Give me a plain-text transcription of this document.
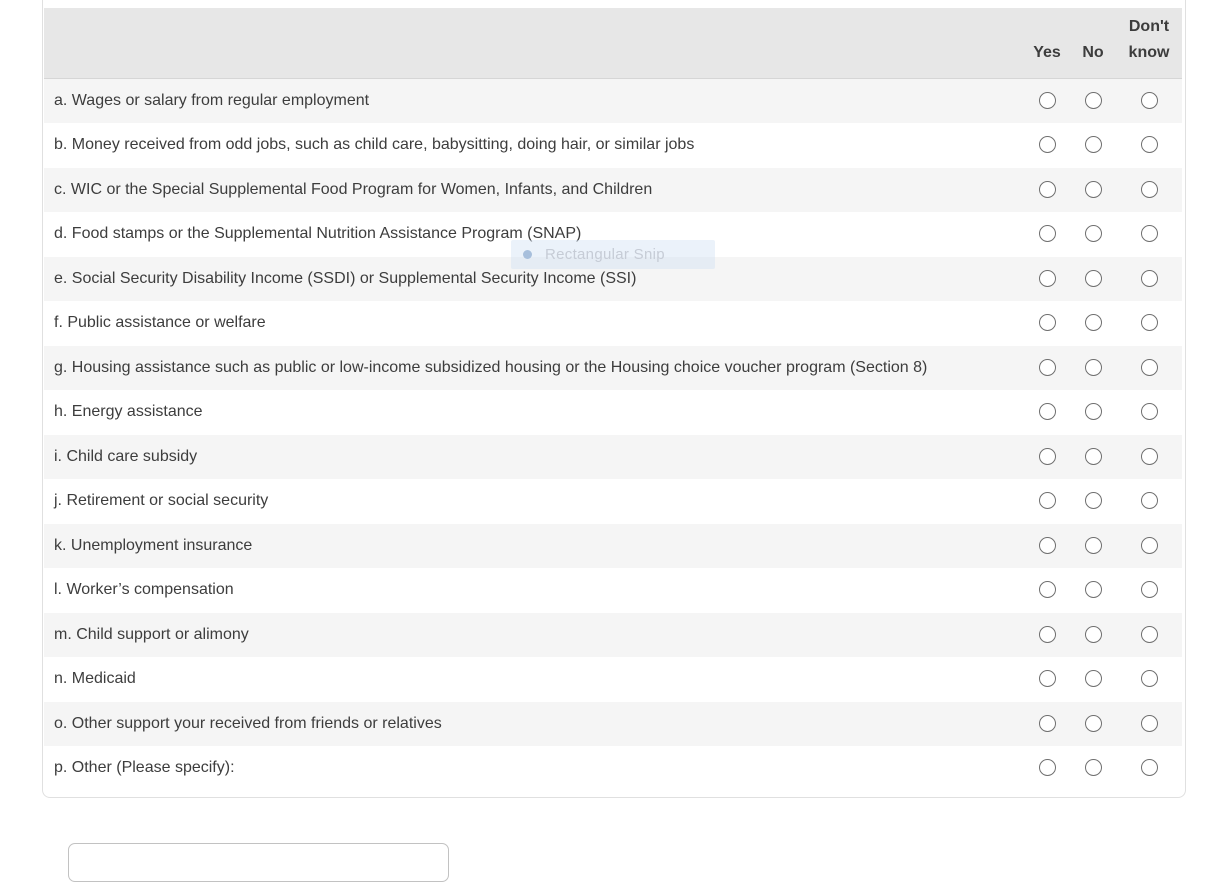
	Yes	No	Don't know
a. Wages or salary from regular employment			
b. Money received from odd jobs, such as child care, babysitting, doing hair, or similar jobs			
c. WIC or the Special Supplemental Food Program for Women, Infants, and Children			
d. Food stamps or the Supplemental Nutrition Assistance Program (SNAP)			
e. Social Security Disability Income (SSDI) or Supplemental Security Income (SSI)			
f. Public assistance or welfare			
g. Housing assistance such as public or low-income subsidized housing or the Housing choice voucher program (Section 8)			
h. Energy assistance			
i. Child care subsidy			
j. Retirement or social security			
k. Unemployment insurance			
l. Worker’s compensation			
m. Child support or alimony			
n. Medicaid			
o. Other support your received from friends or relatives			
p. Other (Please specify):			
Rectangular Snip
